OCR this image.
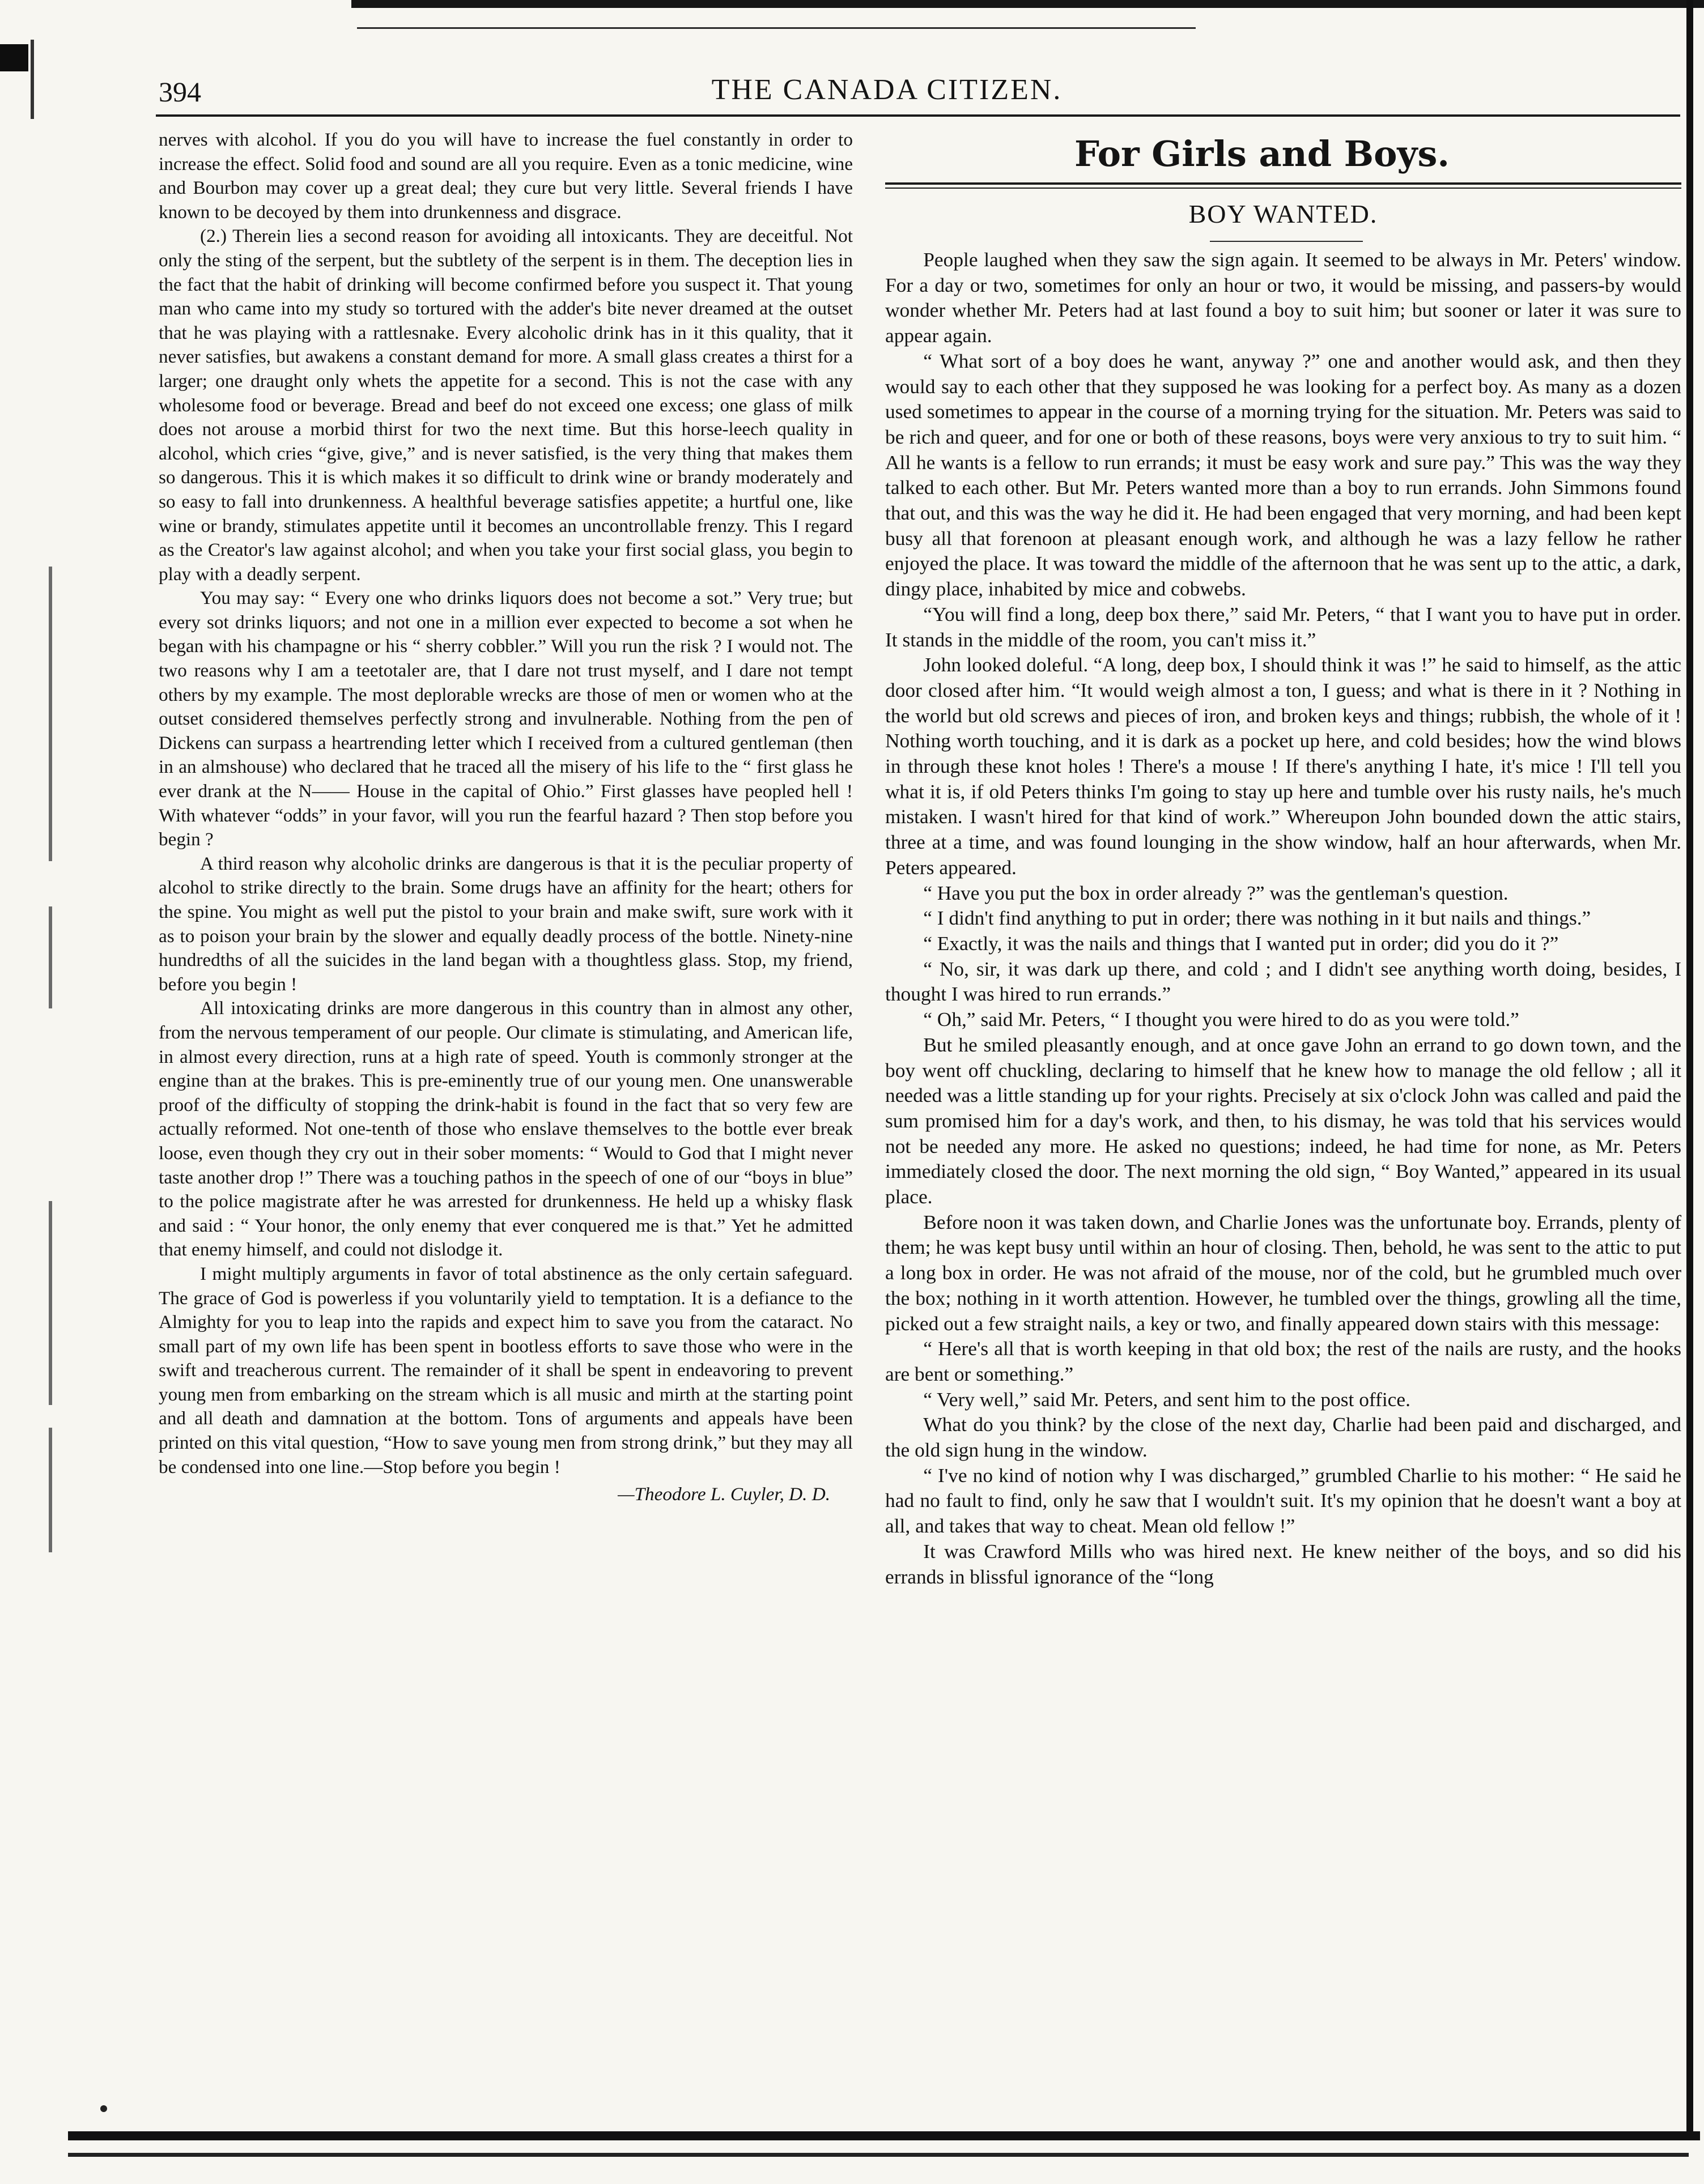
394	THE CANADA CITIZEN.

nerves with alcohol. If you do you will have to increase the fuel constantly in order to increase the effect. Solid food and sound are all you require. Even as a tonic medicine, wine and Bourbon may cover up a great deal; they cure but very little. Several friends I have known to be decoyed by them into drunkenness and disgrace.

(2.) Therein lies a second reason for avoiding all intoxicants. They are deceitful. Not only the sting of the serpent, but the subtlety of the serpent is in them. The deception lies in the fact that the habit of drinking will become confirmed before you suspect it. That young man who came into my study so tortured with the adder's bite never dreamed at the outset that he was playing with a rattlesnake. Every alcoholic drink has in it this quality, that it never satisfies, but awakens a constant demand for more. A small glass creates a thirst for a larger; one draught only whets the appetite for a second. This is not the case with any wholesome food or beverage. Bread and beef do not exceed one excess; one glass of milk does not arouse a morbid thirst for two the next time. But this horse-leech quality in alcohol, which cries “give, give,” and is never satisfied, is the very thing that makes them so dangerous. This it is which makes it so difficult to drink wine or brandy moderately and so easy to fall into drunkenness. A healthful beverage satisfies appetite; a hurtful one, like wine or brandy, stimulates appetite until it becomes an uncontrollable frenzy. This I regard as the Creator's law against alcohol; and when you take your first social glass, you begin to play with a deadly serpent.

You may say: “ Every one who drinks liquors does not become a sot.” Very true; but every sot drinks liquors; and not one in a million ever expected to become a sot when he began with his champagne or his “ sherry cobbler.” Will you run the risk ? I would not. The two reasons why I am a teetotaler are, that I dare not trust myself, and I dare not tempt others by my example. The most deplorable wrecks are those of men or women who at the outset considered themselves perfectly strong and invulnerable. Nothing from the pen of Dickens can surpass a heartrending letter which I received from a cultured gentleman (then in an almshouse) who declared that he traced all the misery of his life to the “ first glass he ever drank at the N—— House in the capital of Ohio.” First glasses have peopled hell ! With whatever “odds” in your favor, will you run the fearful hazard ? Then stop before you begin ?

A third reason why alcoholic drinks are dangerous is that it is the peculiar property of alcohol to strike directly to the brain. Some drugs have an affinity for the heart; others for the spine. You might as well put the pistol to your brain and make swift, sure work with it as to poison your brain by the slower and equally deadly process of the bottle. Ninety-nine hundredths of all the suicides in the land began with a thoughtless glass. Stop, my friend, before you begin !

All intoxicating drinks are more dangerous in this country than in almost any other, from the nervous temperament of our people. Our climate is stimulating, and American life, in almost every direction, runs at a high rate of speed. Youth is commonly stronger at the engine than at the brakes. This is pre-eminently true of our young men. One unanswerable proof of the difficulty of stopping the drink-habit is found in the fact that so very few are actually reformed. Not one-tenth of those who enslave themselves to the bottle ever break loose, even though they cry out in their sober moments: “ Would to God that I might never taste another drop !” There was a touching pathos in the speech of one of our “boys in blue” to the police magistrate after he was arrested for drunkenness. He held up a whisky flask and said : “ Your honor, the only enemy that ever conquered me is that.” Yet he admitted that enemy himself, and could not dislodge it.

I might multiply arguments in favor of total abstinence as the only certain safeguard. The grace of God is powerless if you voluntarily yield to temptation. It is a defiance to the Almighty for you to leap into the rapids and expect him to save you from the cataract. No small part of my own life has been spent in bootless efforts to save those who were in the swift and treacherous current. The remainder of it shall be spent in endeavoring to prevent young men from embarking on the stream which is all music and mirth at the starting point and all death and damnation at the bottom. Tons of arguments and appeals have been printed on this vital question, “How to save young men from strong drink,” but they may all be condensed into one line.—Stop before you begin !

—Theodore L. Cuyler, D. D.

For Girls and Boys.
BOY WANTED.

People laughed when they saw the sign again. It seemed to be always in Mr. Peters' window. For a day or two, sometimes for only an hour or two, it would be missing, and passers-by would wonder whether Mr. Peters had at last found a boy to suit him; but sooner or later it was sure to appear again.

“ What sort of a boy does he want, anyway ?” one and another would ask, and then they would say to each other that they supposed he was looking for a perfect boy. As many as a dozen used sometimes to appear in the course of a morning trying for the situation. Mr. Peters was said to be rich and queer, and for one or both of these reasons, boys were very anxious to try to suit him. “ All he wants is a fellow to run errands; it must be easy work and sure pay.” This was the way they talked to each other. But Mr. Peters wanted more than a boy to run errands. John Simmons found that out, and this was the way he did it. He had been engaged that very morning, and had been kept busy all that forenoon at pleasant enough work, and although he was a lazy fellow he rather enjoyed the place. It was toward the middle of the afternoon that he was sent up to the attic, a dark, dingy place, inhabited by mice and cobwebs.

“You will find a long, deep box there,” said Mr. Peters, “ that I want you to have put in order. It stands in the middle of the room, you can't miss it.”

John looked doleful. “A long, deep box, I should think it was !” he said to himself, as the attic door closed after him. “It would weigh almost a ton, I guess; and what is there in it ? Nothing in the world but old screws and pieces of iron, and broken keys and things; rubbish, the whole of it ! Nothing worth touching, and it is dark as a pocket up here, and cold besides; how the wind blows in through these knot holes ! There's a mouse ! If there's anything I hate, it's mice ! I'll tell you what it is, if old Peters thinks I'm going to stay up here and tumble over his rusty nails, he's much mistaken. I wasn't hired for that kind of work.” Whereupon John bounded down the attic stairs, three at a time, and was found lounging in the show window, half an hour afterwards, when Mr. Peters appeared.

“ Have you put the box in order already ?” was the gentleman's question.

“ I didn't find anything to put in order; there was nothing in it but nails and things.”

“ Exactly, it was the nails and things that I wanted put in order; did you do it ?”

“ No, sir, it was dark up there, and cold ; and I didn't see anything worth doing, besides, I thought I was hired to run errands.”

“ Oh,” said Mr. Peters, “ I thought you were hired to do as you were told.”

But he smiled pleasantly enough, and at once gave John an errand to go down town, and the boy went off chuckling, declaring to himself that he knew how to manage the old fellow ; all it needed was a little standing up for your rights. Precisely at six o'clock John was called and paid the sum promised him for a day's work, and then, to his dismay, he was told that his services would not be needed any more. He asked no questions; indeed, he had time for none, as Mr. Peters immediately closed the door. The next morning the old sign, “ Boy Wanted,” appeared in its usual place.

Before noon it was taken down, and Charlie Jones was the unfortunate boy. Errands, plenty of them; he was kept busy until within an hour of closing. Then, behold, he was sent to the attic to put a long box in order. He was not afraid of the mouse, nor of the cold, but he grumbled much over the box; nothing in it worth attention. However, he tumbled over the things, growling all the time, picked out a few straight nails, a key or two, and finally appeared down stairs with this message:

“ Here's all that is worth keeping in that old box; the rest of the nails are rusty, and the hooks are bent or something.”

“ Very well,” said Mr. Peters, and sent him to the post office.

What do you think? by the close of the next day, Charlie had been paid and discharged, and the old sign hung in the window.

“ I've no kind of notion why I was discharged,” grumbled Charlie to his mother: “ He said he had no fault to find, only he saw that I wouldn't suit. It's my opinion that he doesn't want a boy at all, and takes that way to cheat. Mean old fellow !”

It was Crawford Mills who was hired next. He knew neither of the boys, and so did his errands in blissful ignorance of the “long
